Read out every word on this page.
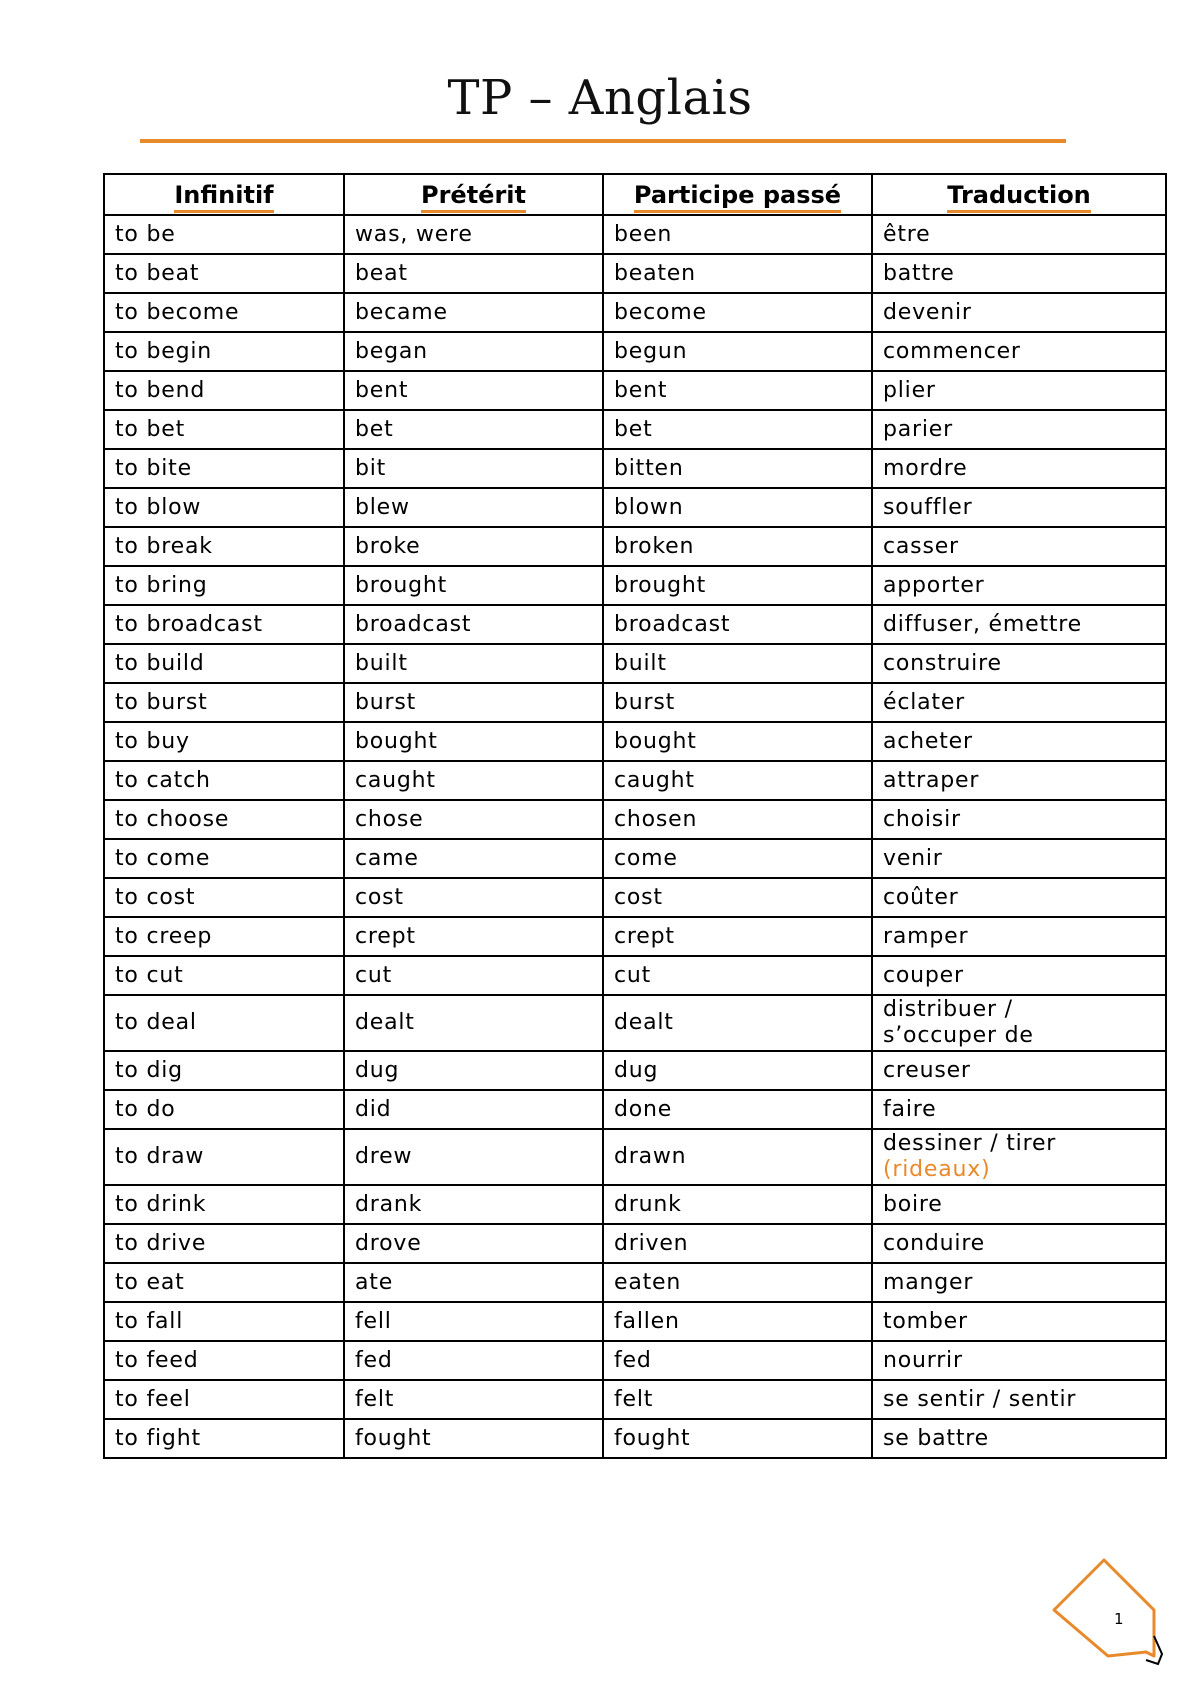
TP – Anglais
Infinitif	Prétérit	Participe passé	Traduction
to be	was, were	been	être
to beat	beat	beaten	battre
to become	became	become	devenir
to begin	began	begun	commencer
to bend	bent	bent	plier
to bet	bet	bet	parier
to bite	bit	bitten	mordre
to blow	blew	blown	souffler
to break	broke	broken	casser
to bring	brought	brought	apporter
to broadcast	broadcast	broadcast	diffuser, émettre
to build	built	built	construire
to burst	burst	burst	éclater
to buy	bought	bought	acheter
to catch	caught	caught	attraper
to choose	chose	chosen	choisir
to come	came	come	venir
to cost	cost	cost	coûter
to creep	crept	crept	ramper
to cut	cut	cut	couper
to deal	dealt	dealt	distribuer /
s’occuper de

to dig	dug	dug	creuser
to do	did	done	faire
to draw	drew	drawn	dessiner / tirer
(rideaux)

to drink	drank	drunk	boire
to drive	drove	driven	conduire
to eat	ate	eaten	manger
to fall	fell	fallen	tomber
to feed	fed	fed	nourrir
to feel	felt	felt	se sentir / sentir
to fight	fought	fought	se battre
1
